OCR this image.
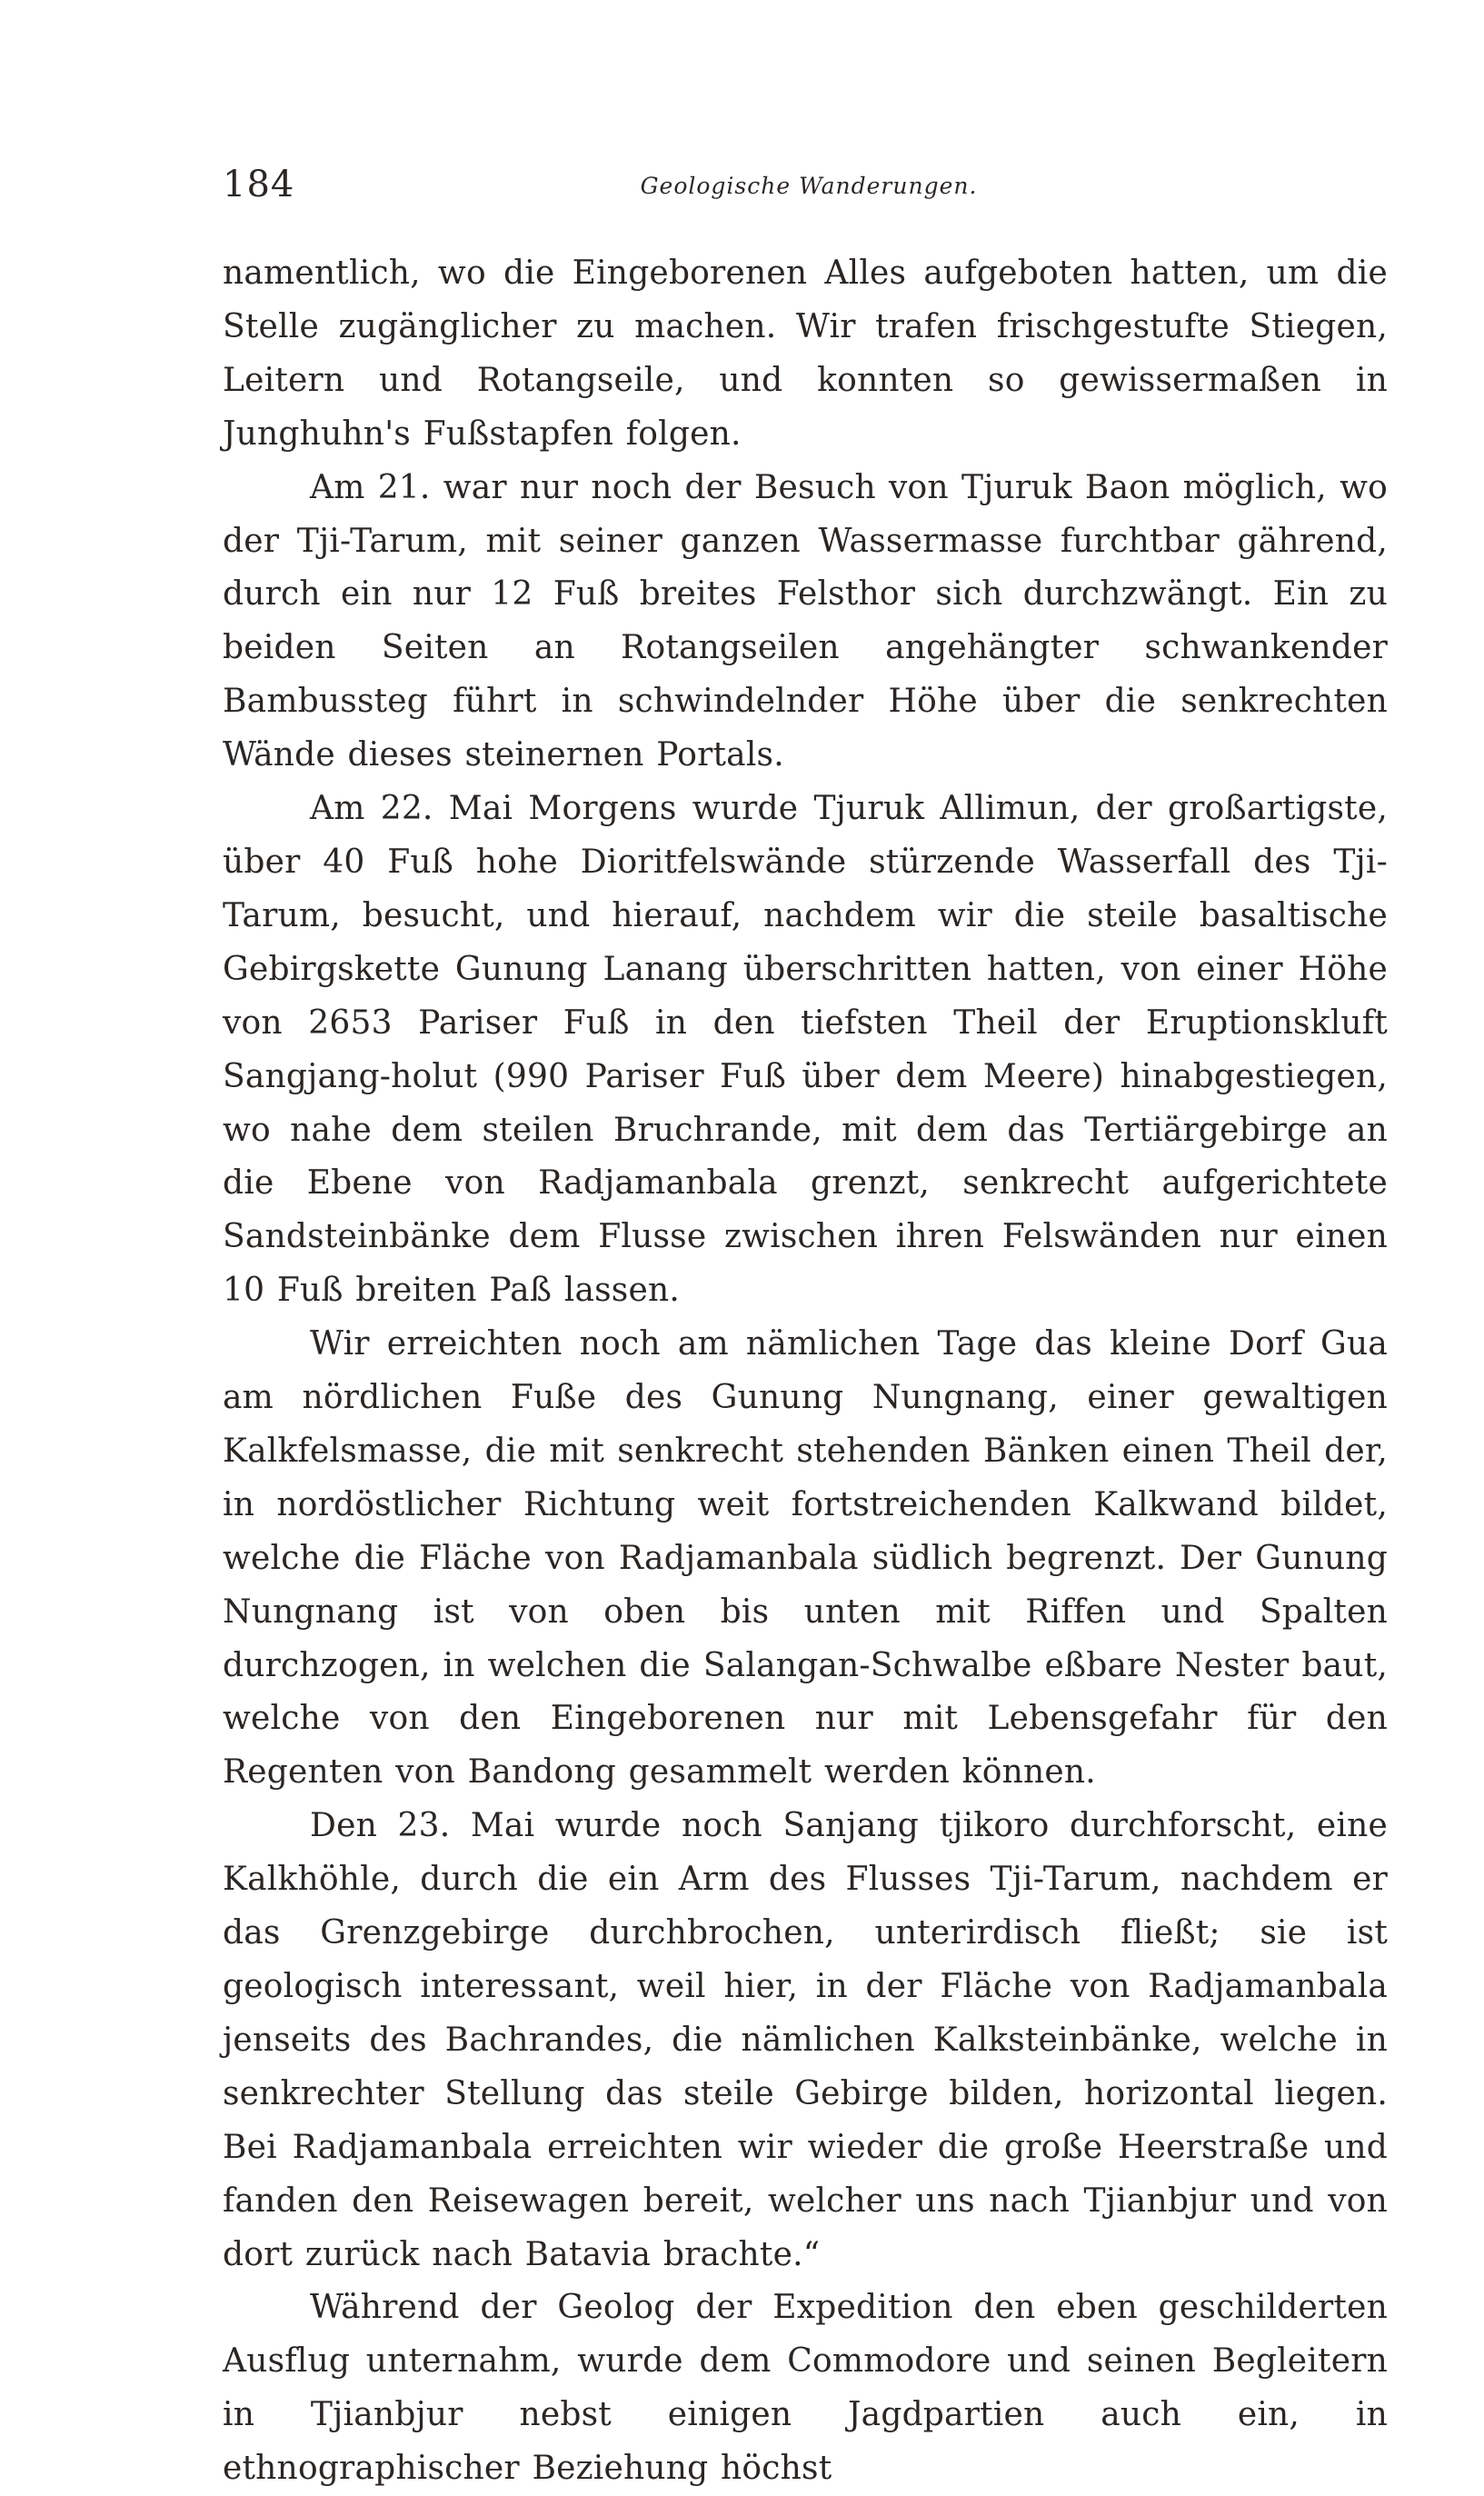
184	Geologische Wanderungen.

namentlich, wo die Eingeborenen Alles aufgeboten hatten, um die Stelle zugänglicher zu machen. Wir trafen frischgestufte Stiegen, Leitern und Rotangseile, und konnten so gewissermaßen in Junghuhn's Fußstapfen folgen.

Am 21. war nur noch der Besuch von Tjuruk Baon möglich, wo der Tji-Tarum, mit seiner ganzen Wassermasse furchtbar gährend, durch ein nur 12 Fuß breites Felsthor sich durchzwängt. Ein zu beiden Seiten an Rotangseilen angehängter schwankender Bambussteg führt in schwindelnder Höhe über die senkrechten Wände dieses steinernen Portals.

Am 22. Mai Morgens wurde Tjuruk Allimun, der großartigste, über 40 Fuß hohe Dioritfelswände stürzende Wasserfall des Tji-Tarum, besucht, und hierauf, nachdem wir die steile basaltische Gebirgskette Gunung Lanang überschritten hatten, von einer Höhe von 2653 Pariser Fuß in den tiefsten Theil der Eruptionskluft Sangjang-holut (990 Pariser Fuß über dem Meere) hinabgestiegen, wo nahe dem steilen Bruchrande, mit dem das Tertiärgebirge an die Ebene von Radjamanbala grenzt, senkrecht aufgerichtete Sandsteinbänke dem Flusse zwischen ihren Felswänden nur einen 10 Fuß breiten Paß lassen.

Wir erreichten noch am nämlichen Tage das kleine Dorf Gua am nördlichen Fuße des Gunung Nungnang, einer gewaltigen Kalkfelsmasse, die mit senkrecht stehenden Bänken einen Theil der, in nordöstlicher Richtung weit fortstreichenden Kalkwand bildet, welche die Fläche von Radjamanbala südlich begrenzt. Der Gunung Nungnang ist von oben bis unten mit Riffen und Spalten durchzogen, in welchen die Salangan-Schwalbe eßbare Nester baut, welche von den Eingeborenen nur mit Lebensgefahr für den Regenten von Bandong gesammelt werden können.

Den 23. Mai wurde noch Sanjang tjikoro durchforscht, eine Kalkhöhle, durch die ein Arm des Flusses Tji-Tarum, nachdem er das Grenzgebirge durchbrochen, unterirdisch fließt; sie ist geologisch interessant, weil hier, in der Fläche von Radjamanbala jenseits des Bachrandes, die nämlichen Kalksteinbänke, welche in senkrechter Stellung das steile Gebirge bilden, horizontal liegen. Bei Radjamanbala erreichten wir wieder die große Heerstraße und fanden den Reisewagen bereit, welcher uns nach Tjianbjur und von dort zurück nach Batavia brachte.“

Während der Geolog der Expedition den eben geschilderten Ausflug unternahm, wurde dem Commodore und seinen Begleitern in Tjianbjur nebst einigen Jagdpartien auch ein, in ethnographischer Beziehung höchst
